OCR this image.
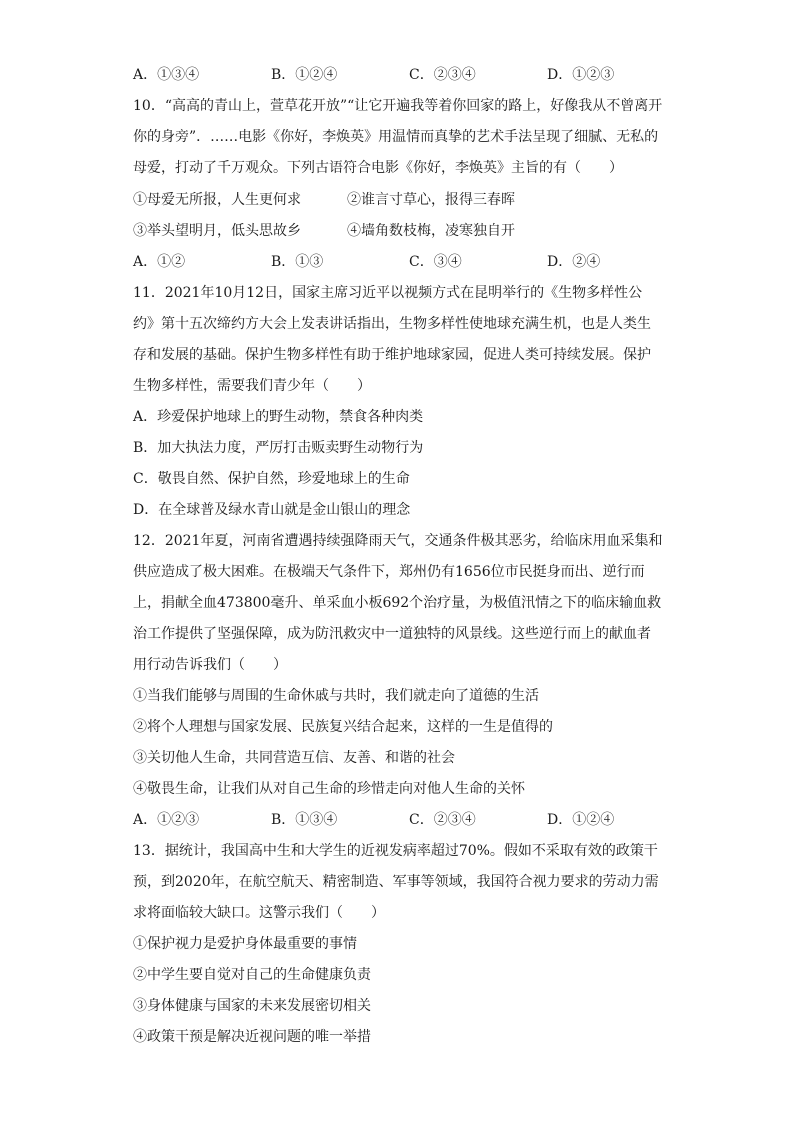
A．①③④	B．①②④	C．②③④	D．①②③
10．“高高的青山上，萱草花开放”“让它开遍我等着你回家的路上，好像我从不曾离开
你的身旁”．……电影《你好，李焕英》用温情而真挚的艺术手法呈现了细腻、无私的
母爱，打动了千万观众。下列古语符合电影《你好，李焕英》主旨的有（　　）
①母爱无所报，人生更何求	②谁言寸草心，报得三春晖
③举头望明月，低头思故乡	④墙角数枝梅，凌寒独自开
A．①②	B．①③	C．③④	D．②④
11．2021年10月12日，国家主席习近平以视频方式在昆明举行的《生物多样性公
约》第十五次缔约方大会上发表讲话指出，生物多样性使地球充满生机，也是人类生
存和发展的基础。保护生物多样性有助于维护地球家园，促进人类可持续发展。保护
生物多样性，需要我们青少年（　　）
A．珍爱保护地球上的野生动物，禁食各种肉类
B．加大执法力度，严厉打击贩卖野生动物行为
C．敬畏自然、保护自然，珍爱地球上的生命
D．在全球普及绿水青山就是金山银山的理念
12．2021年夏，河南省遭遇持续强降雨天气，交通条件极其恶劣，给临床用血采集和
供应造成了极大困难。在极端天气条件下，郑州仍有1656位市民挺身而出、逆行而
上，捐献全血473800毫升、单采血小板692个治疗量，为极值汛情之下的临床输血救
治工作提供了坚强保障，成为防汛救灾中一道独特的风景线。这些逆行而上的献血者
用行动告诉我们（　　）
①当我们能够与周围的生命休戚与共时，我们就走向了道德的生活
②将个人理想与国家发展、民族复兴结合起来，这样的一生是值得的
③关切他人生命，共同营造互信、友善、和谐的社会
④敬畏生命，让我们从对自己生命的珍惜走向对他人生命的关怀
A．①②③	B．①③④	C．②③④	D．①②④
13．据统计，我国高中生和大学生的近视发病率超过70%。假如不采取有效的政策干
预，到2020年，在航空航天、精密制造、军事等领域，我国符合视力要求的劳动力需
求将面临较大缺口。这警示我们（　　）
①保护视力是爱护身体最重要的事情
②中学生要自觉对自己的生命健康负责
③身体健康与国家的未来发展密切相关
④政策干预是解决近视问题的唯一举措
